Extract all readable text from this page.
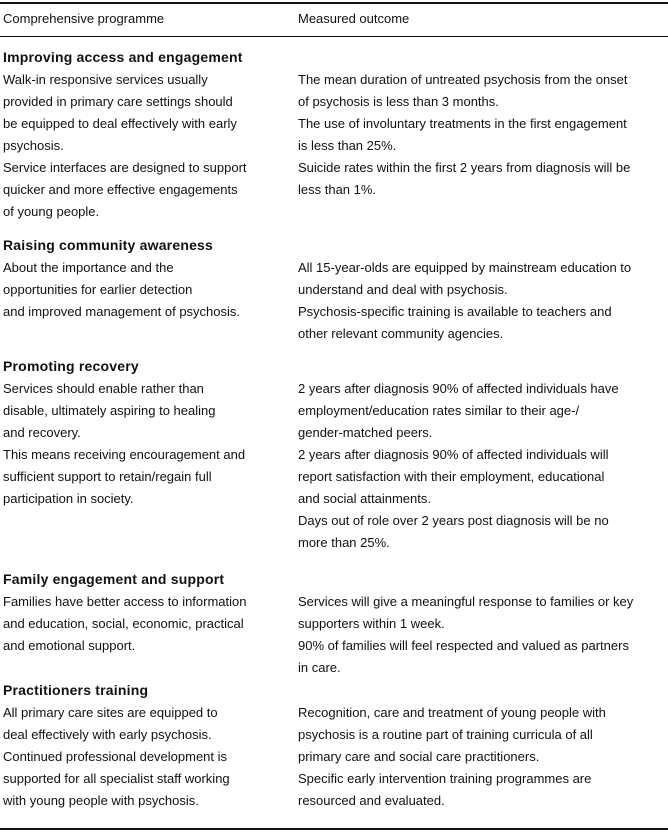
Comprehensive programme	Measured outcome
Improving access and engagement
Walk-in responsive services usually
provided in primary care settings should
be equipped to deal effectively with early
psychosis.
Service interfaces are designed to support
quicker and more effective engagements
of young people.
The mean duration of untreated psychosis from the onset
of psychosis is less than 3 months.
The use of involuntary treatments in the first engagement
is less than 25%.
Suicide rates within the first 2 years from diagnosis will be
less than 1%.
Raising community awareness
About the importance and the
opportunities for earlier detection
and improved management of psychosis.
All 15-year-olds are equipped by mainstream education to
understand and deal with psychosis.
Psychosis-specific training is available to teachers and
other relevant community agencies.
Promoting recovery
Services should enable rather than
disable, ultimately aspiring to healing
and recovery.
This means receiving encouragement and
sufficient support to retain/regain full
participation in society.
2 years after diagnosis 90% of affected individuals have
employment/education rates similar to their age-/
gender-matched peers.
2 years after diagnosis 90% of affected individuals will
report satisfaction with their employment, educational
and social attainments.
Days out of role over 2 years post diagnosis will be no
more than 25%.
Family engagement and support
Families have better access to information
and education, social, economic, practical
and emotional support.
Services will give a meaningful response to families or key
supporters within 1 week.
90% of families will feel respected and valued as partners
in care.
Practitioners training
All primary care sites are equipped to
deal effectively with early psychosis.
Continued professional development is
supported for all specialist staff working
with young people with psychosis.
Recognition, care and treatment of young people with
psychosis is a routine part of training curricula of all
primary care and social care practitioners.
Specific early intervention training programmes are
resourced and evaluated.
